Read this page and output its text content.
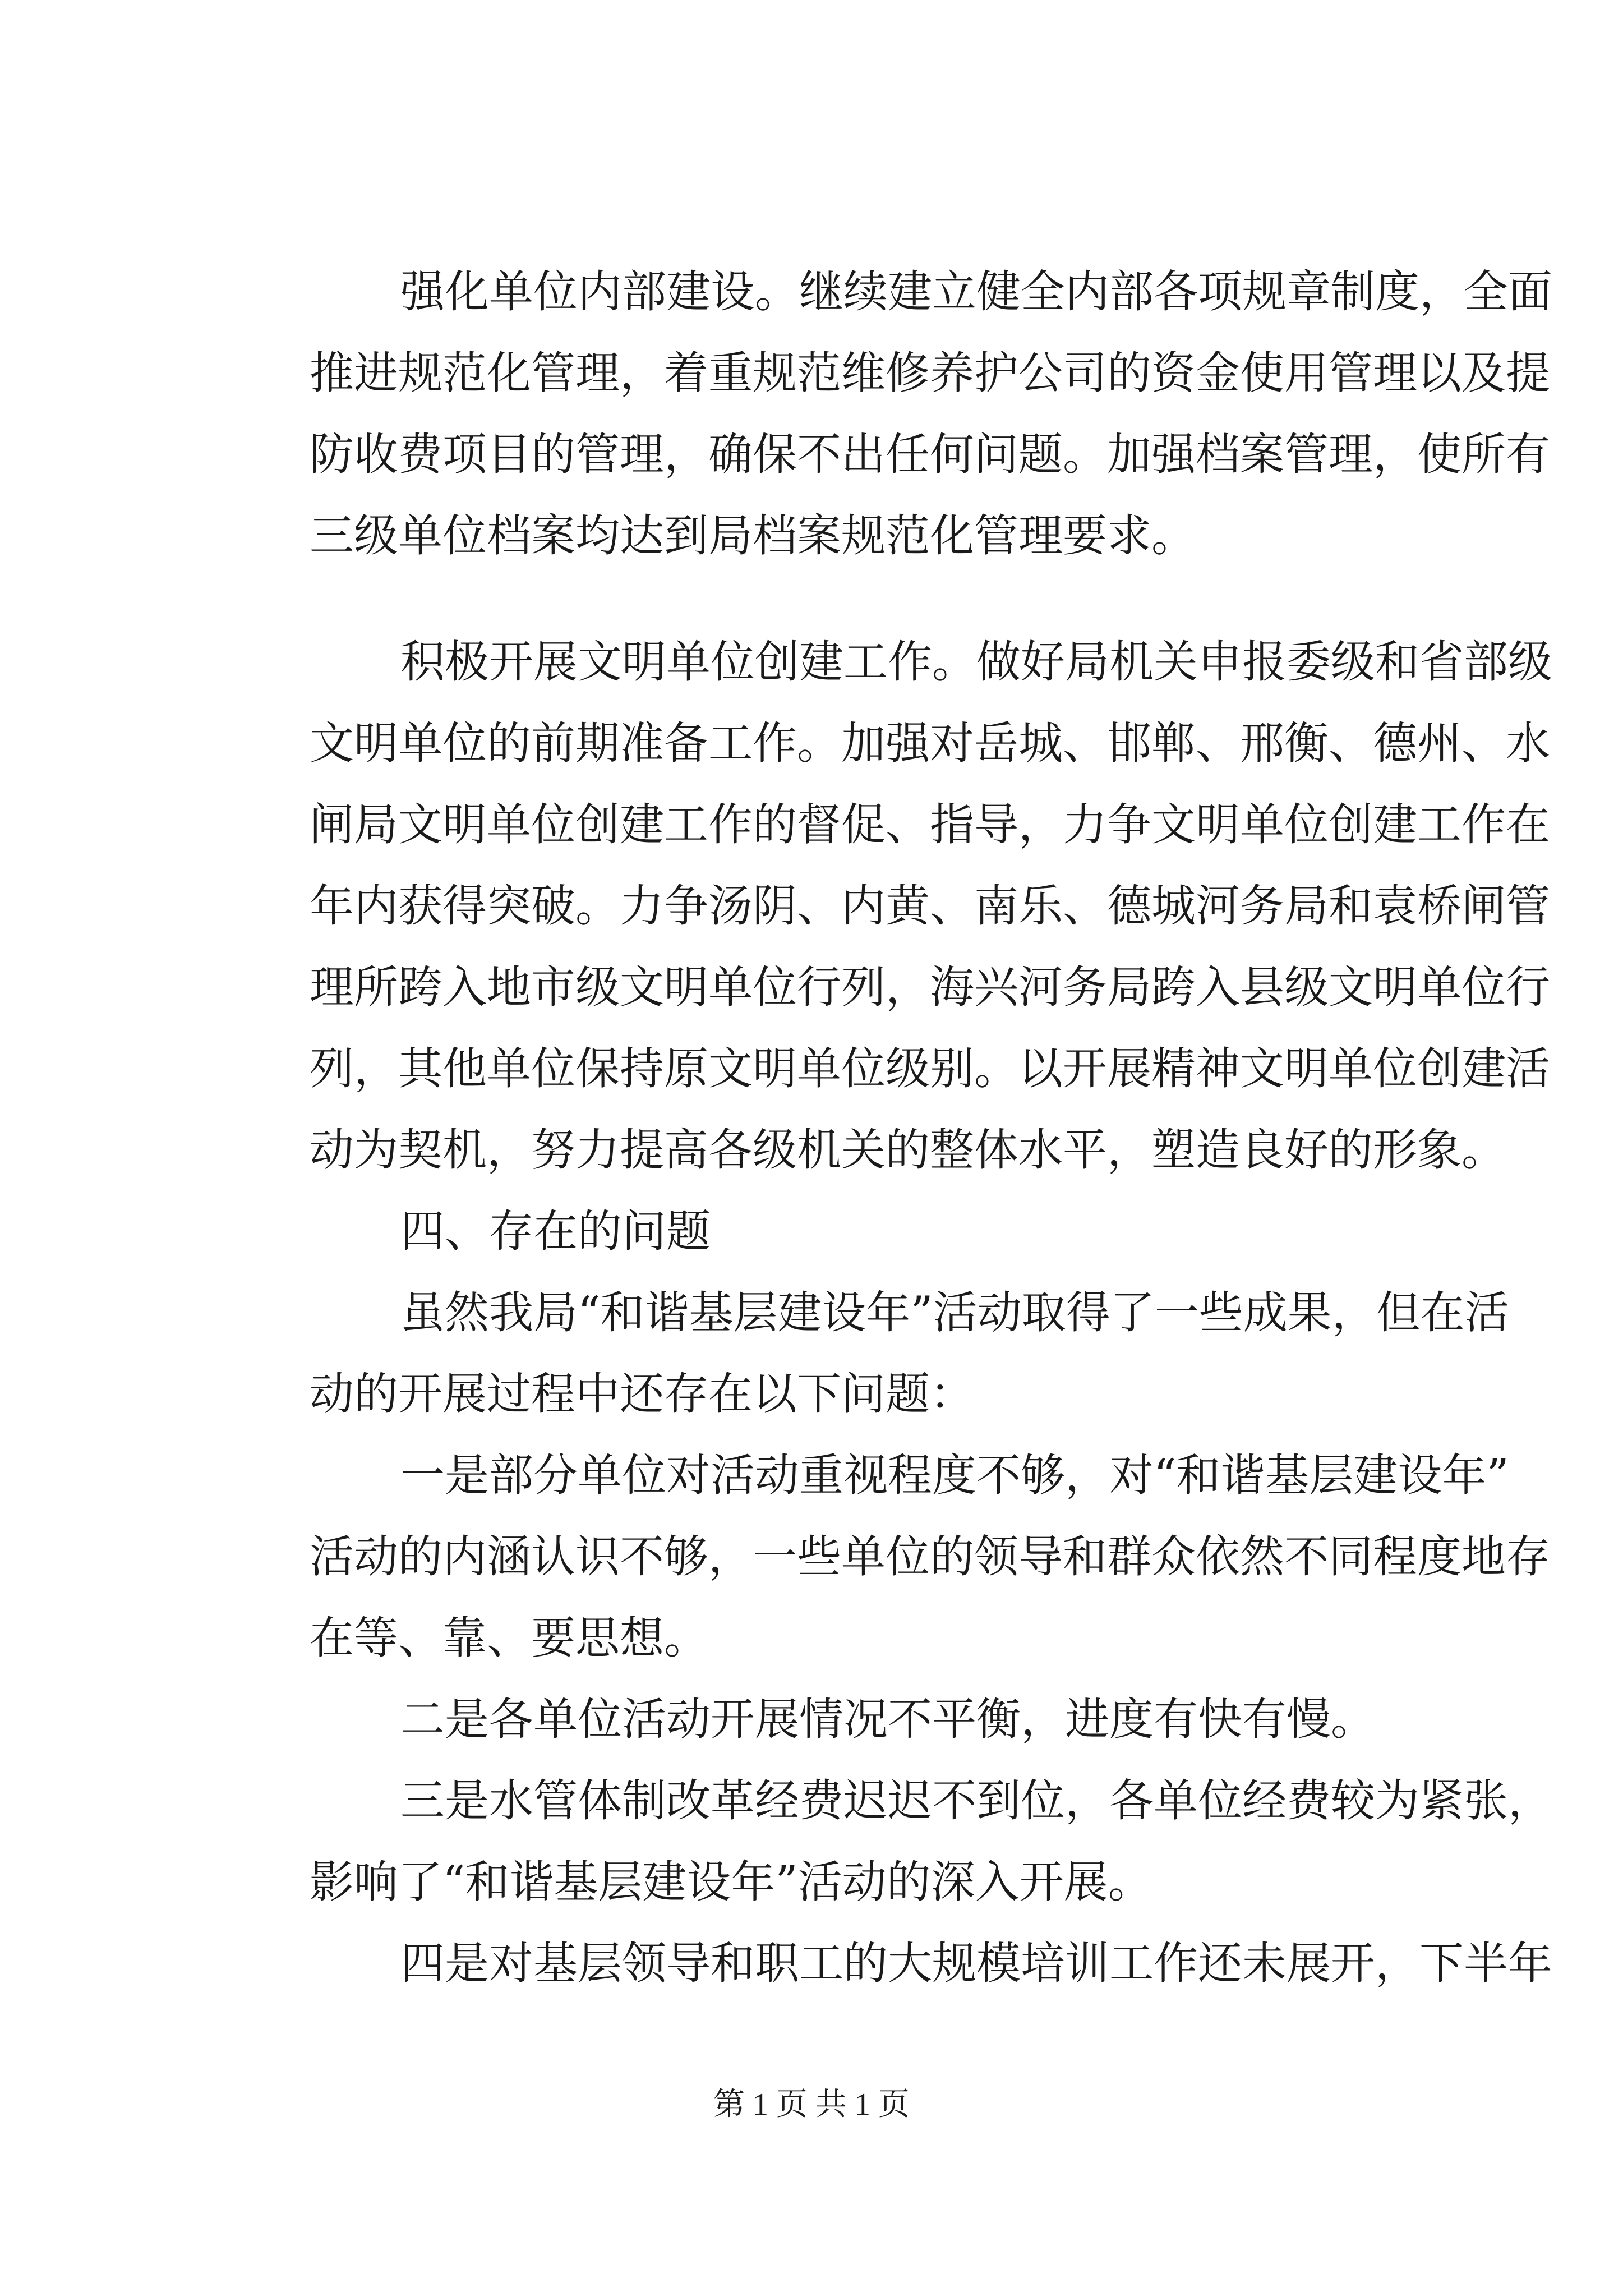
强化单位内部建设。继续建立健全内部各项规章制度，全面
推进规范化管理，着重规范维修养护公司的资金使用管理以及提
防收费项目的管理，确保不出任何问题。加强档案管理，使所有
三级单位档案均达到局档案规范化管理要求。
积极开展文明单位创建工作。做好局机关申报委级和省部级
文明单位的前期准备工作。加强对岳城、邯郸、邢衡、德州、水
闸局文明单位创建工作的督促、指导，力争文明单位创建工作在
年内获得突破。力争汤阴、内黄、南乐、德城河务局和袁桥闸管
理所跨入地市级文明单位行列，海兴河务局跨入县级文明单位行
列，其他单位保持原文明单位级别。以开展精神文明单位创建活
动为契机，努力提高各级机关的整体水平，塑造良好的形象。
四、存在的问题
虽然我局“和谐基层建设年”活动取得了一些成果，但在活
动的开展过程中还存在以下问题：
一是部分单位对活动重视程度不够，对“和谐基层建设年”
活动的内涵认识不够，一些单位的领导和群众依然不同程度地存
在等、靠、要思想。
二是各单位活动开展情况不平衡，进度有快有慢。
三是水管体制改革经费迟迟不到位，各单位经费较为紧张，
影响了“和谐基层建设年”活动的深入开展。
四是对基层领导和职工的大规模培训工作还未展开，下半年
第 1 页 共 1 页
